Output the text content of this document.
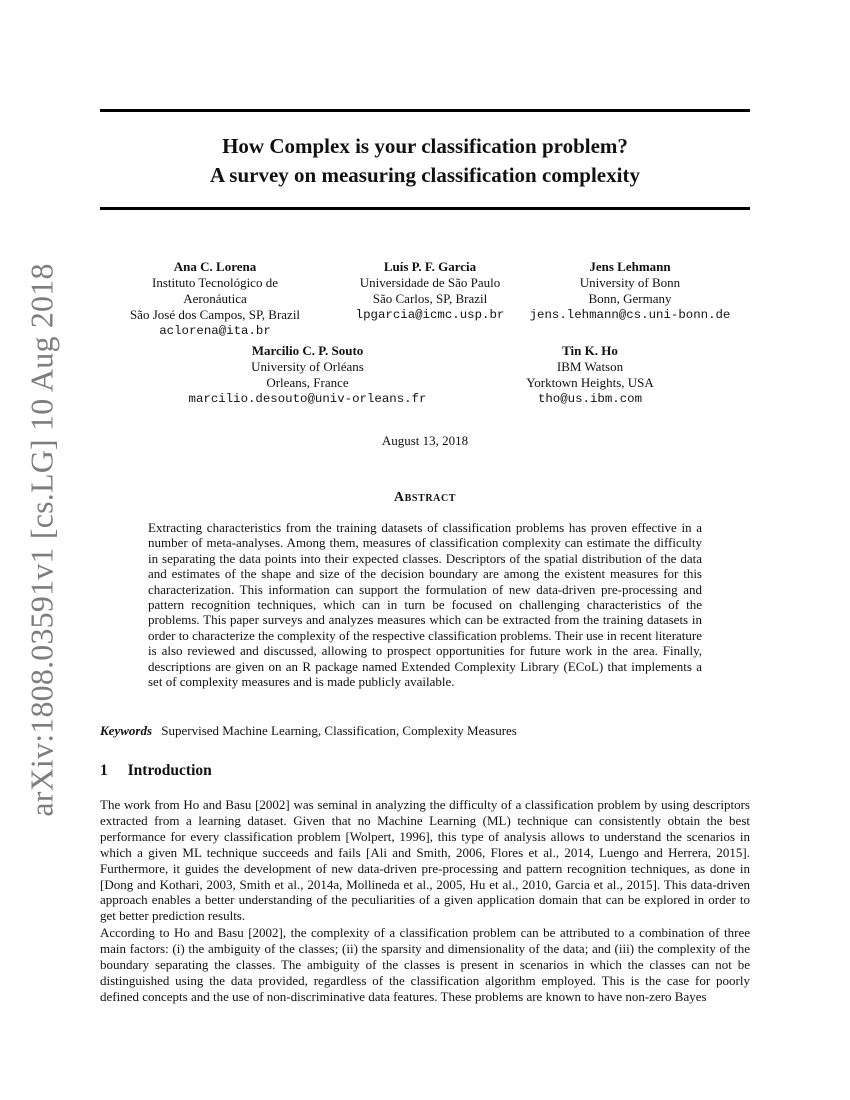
arXiv:1808.03591v1 [cs.LG] 10 Aug 2018
How Complex is your classification problem?
A survey on measuring classification complexity
Ana C. Lorena
Instituto Tecnológico de Aeronáutica
São José dos Campos, SP, Brazil
aclorena@ita.br
Luís P. F. Garcia
Universidade de São Paulo
São Carlos, SP, Brazil
lpgarcia@icmc.usp.br
Jens Lehmann
University of Bonn
Bonn, Germany
jens.lehmann@cs.uni-bonn.de
Marcilio C. P. Souto
University of Orléans
Orleans, France
marcilio.desouto@univ-orleans.fr
Tin K. Ho
IBM Watson
Yorktown Heights, USA
tho@us.ibm.com
August 13, 2018
Abstract
Extracting characteristics from the training datasets of classification problems has proven effective in a number of meta-analyses. Among them, measures of classification complexity can estimate the difficulty in separating the data points into their expected classes. Descriptors of the spatial distribution of the data and estimates of the shape and size of the decision boundary are among the existent measures for this characterization. This information can support the formulation of new data-driven pre-processing and pattern recognition techniques, which can in turn be focused on challenging characteristics of the problems. This paper surveys and analyzes measures which can be extracted from the training datasets in order to characterize the complexity of the respective classification problems. Their use in recent literature is also reviewed and discussed, allowing to prospect opportunities for future work in the area. Finally, descriptions are given on an R package named Extended Complexity Library (ECoL) that implements a set of complexity measures and is made publicly available.
Keywords Supervised Machine Learning, Classification, Complexity Measures
1 Introduction

The work from Ho and Basu [2002] was seminal in analyzing the difficulty of a classification problem by using descriptors extracted from a learning dataset. Given that no Machine Learning (ML) technique can consistently obtain the best performance for every classification problem [Wolpert, 1996], this type of analysis allows to understand the scenarios in which a given ML technique succeeds and fails [Ali and Smith, 2006, Flores et al., 2014, Luengo and Herrera, 2015]. Furthermore, it guides the development of new data-driven pre-processing and pattern recognition techniques, as done in [Dong and Kothari, 2003, Smith et al., 2014a, Mollineda et al., 2005, Hu et al., 2010, Garcia et al., 2015]. This data-driven approach enables a better understanding of the peculiarities of a given application domain that can be explored in order to get better prediction results.

According to Ho and Basu [2002], the complexity of a classification problem can be attributed to a combination of three main factors: (i) the ambiguity of the classes; (ii) the sparsity and dimensionality of the data; and (iii) the complexity of the boundary separating the classes. The ambiguity of the classes is present in scenarios in which the classes can not be distinguished using the data provided, regardless of the classification algorithm employed. This is the case for poorly defined concepts and the use of non-discriminative data features. These problems are known to have non-zero Bayes
